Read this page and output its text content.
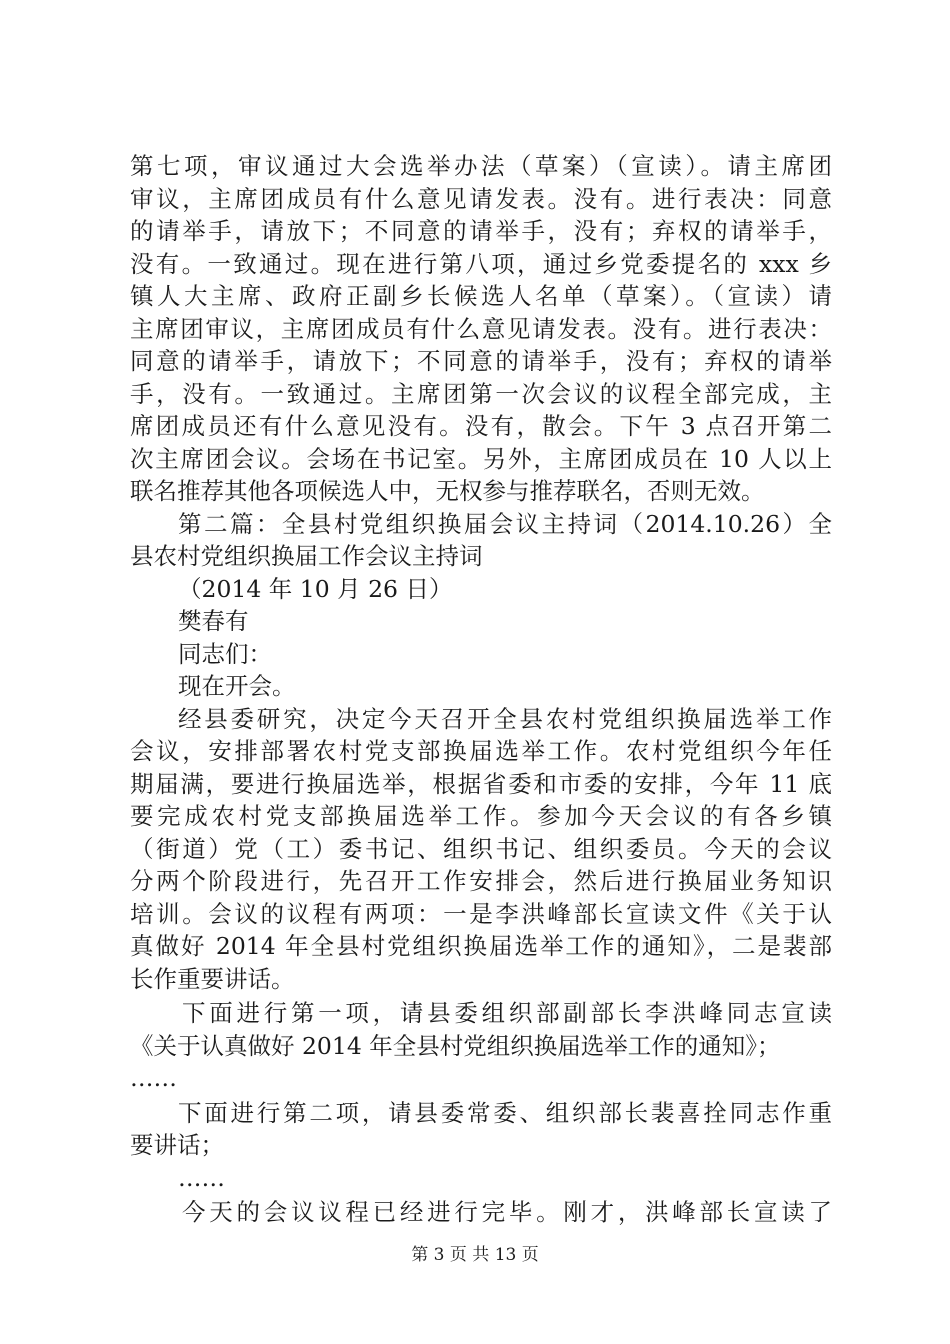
第七项，审议通过大会选举办法（草案）（宣读）。请主席团
审议，主席团成员有什么意见请发表。没有。进行表决：同意
的请举手，请放下；不同意的请举手，没有；弃权的请举手，
没有。一致通过。现在进行第八项，通过乡党委提名的 xxx 乡
镇人大主席、政府正副乡长候选人名单（草案）。（宣读）请
主席团审议，主席团成员有什么意见请发表。没有。进行表决：
同意的请举手，请放下；不同意的请举手，没有；弃权的请举
手，没有。一致通过。主席团第一次会议的议程全部完成，主
席团成员还有什么意见没有。没有，散会。下午 3 点召开第二
次主席团会议。会场在书记室。另外，主席团成员在 10 人以上
联名推荐其他各项候选人中，无权参与推荐联名，否则无效。
第二篇：全县村党组织换届会议主持词（2014.10.26）全
县农村党组织换届工作会议主持词
（2014 年 10 月 26 日）
樊春有
同志们：
现在开会。
经县委研究，决定今天召开全县农村党组织换届选举工作
会议，安排部署农村党支部换届选举工作。农村党组织今年任
期届满，要进行换届选举，根据省委和市委的安排，今年 11 底
要完成农村党支部换届选举工作。参加今天会议的有各乡镇
（街道）党（工）委书记、组织书记、组织委员。今天的会议
分两个阶段进行，先召开工作安排会，然后进行换届业务知识
培训。会议的议程有两项：一是李洪峰部长宣读文件《关于认
真做好 2014 年全县村党组织换届选举工作的通知》，二是裴部
长作重要讲话。
下面进行第一项，请县委组织部副部长李洪峰同志宣读
《关于认真做好 2014 年全县村党组织换届选举工作的通知》；
……
下面进行第二项，请县委常委、组织部长裴喜拴同志作重
要讲话；
……
今天的会议议程已经进行完毕。刚才，洪峰部长宣读了
第 3 页 共 13 页
